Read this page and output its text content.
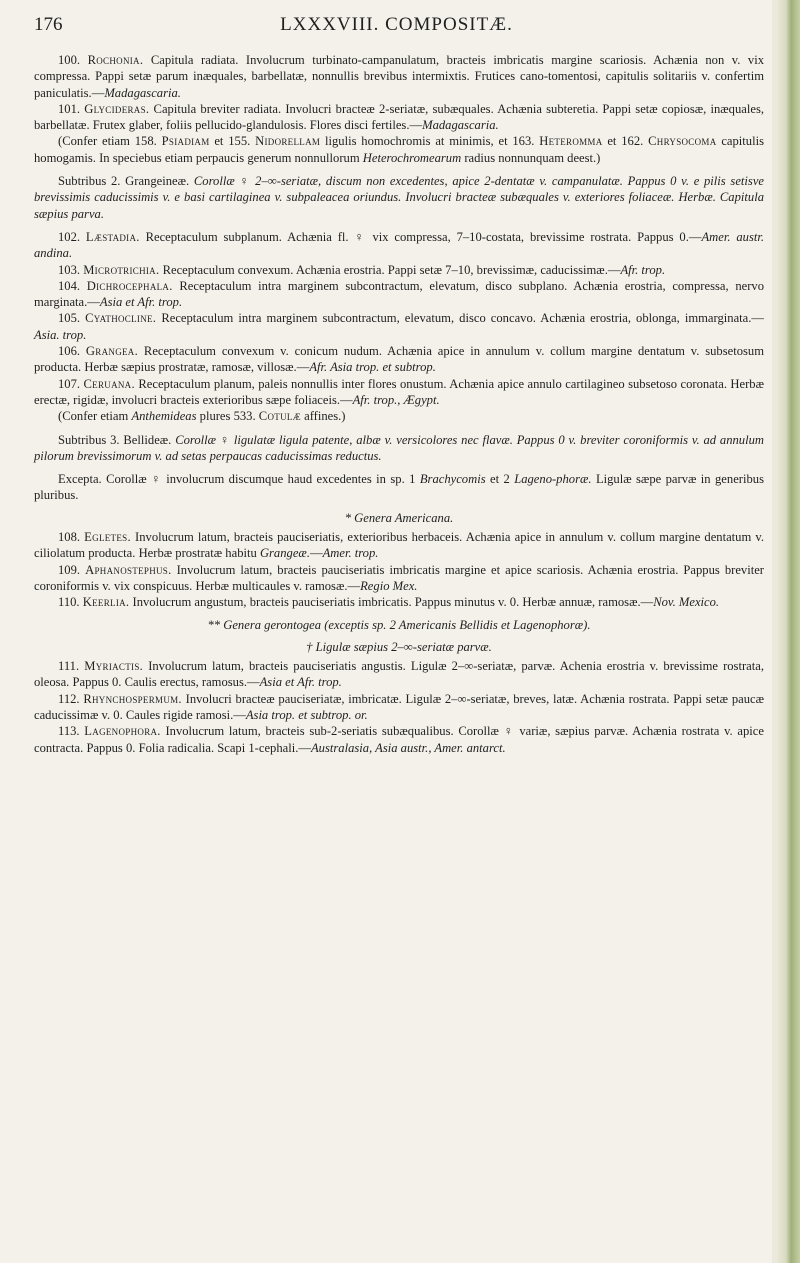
LXXXVIII. COMPOSITÆ.
176

100. Rochonia. Capitula radiata. Involucrum turbinato-campanulatum, bracteis imbricatis margine scariosis. Achænia non v. vix compressa. Pappi setæ parum inæquales, barbellatæ, nonnullis brevibus intermixtis. Frutices cano-tomentosi, capitulis solitariis v. confertim paniculatis.—Madagascaria.

101. Glycideras. Capitula breviter radiata. Involucri bracteæ 2-seriatæ, subæquales. Achænia subteretia. Pappi setæ copiosæ, inæquales, barbellatæ. Frutex glaber, foliis pellucido-glandulosis. Flores disci fertiles.—Madagascaria.

(Confer etiam 158. Psiadiam et 155. Nidorellam ligulis homochromis at minimis, et 163. Heterommа et 162. Chrysocoma capitulis homogamis. In speciebus etiam perpaucis generum nonnullorum Heterochromearum radius nonnunquam deest.)

Subtribus 2. Grangeineæ. Corollæ ♀ 2–∞-seriatæ, discum non excedentes, apice 2-dentatæ v. campanulatæ. Pappus 0 v. e pilis setisve brevissimis caducissimis v. e basi cartilaginea v. subpaleacea oriundus. Involucri bracteæ subæquales v. exteriores foliaceæ. Herbæ. Capitula sæpius parva.

102. Læstadia. Receptaculum subplanum. Achænia fl. ♀ vix compressa, 7–10-costata, brevissime rostrata. Pappus 0.—Amer. austr. andina.

103. Microtrichia. Receptaculum convexum. Achænia erostria. Pappi setæ 7–10, brevissimæ, caducissimæ.—Afr. trop.

104. Dichrocephala. Receptaculum intra marginem subcontractum, elevatum, disco subplano. Achænia erostria, compressa, nervo marginata.—Asia et Afr. trop.

105. Cyathocline. Receptaculum intra marginem subcontractum, elevatum, disco concavo. Achænia erostria, oblonga, immarginata.—Asia. trop.

106. Grangea. Receptaculum convexum v. conicum nudum. Achænia apice in annulum v. collum margine dentatum v. subsetosum producta. Herbæ sæpius prostratæ, ramosæ, villosæ.—Afr. Asia trop. et subtrop.

107. Ceruana. Receptaculum planum, paleis nonnullis inter flores onustum. Achænia apice annulo cartilagineo subsetoso coronata. Herbæ erectæ, rigidæ, involucri bracteis exterioribus sæpe foliaceis.—Afr. trop., Ægypt.

(Confer etiam Anthemideas plures 533. Cotulæ affines.)

Subtribus 3. Bellideæ. Corollæ ♀ ligulatæ ligula patente, albæ v. versicolores nec flavæ. Pappus 0 v. breviter coroniformis v. ad annulum pilorum brevissimorum v. ad setas perpaucas caducissimas reductus.

Excepta. Corollæ ♀ involucrum discumque haud excedentes in sp. 1 Brachycomis et 2 Lageno-phoræ. Ligulæ sæpe parvæ in generibus pluribus.

* Genera Americana.

108. Egletes. Involucrum latum, bracteis pauciseriatis, exterioribus herbaceis. Achænia apice in annulum v. collum margine dentatum v. ciliolatum producta. Herbæ prostratæ habitu Grangeæ.—Amer. trop.

109. Aphanostephus. Involucrum latum, bracteis pauciseriatis imbricatis margine et apice scariosis. Achænia erostria. Pappus breviter coroniformis v. vix conspicuus. Herbæ multicaules v. ramosæ.—Regio Mex.

110. Keerlia. Involucrum angustum, bracteis pauciseriatis imbricatis. Pappus minutus v. 0. Herbæ annuæ, ramosæ.—Nov. Mexico.

** Genera gerontogea (exceptis sp. 2 Americanis Bellidis et Lagenophoræ).

† Ligulæ sæpius 2–∞-seriatæ parvæ.

111. Myriactis. Involucrum latum, bracteis pauciseriatis angustis. Ligulæ 2–∞-seriatæ, parvæ. Achenia erostria v. brevissime rostrata, oleosa. Pappus 0. Caulis erectus, ramosus.—Asia et Afr. trop.

112. Rhynchospermum. Involucri bracteæ pauciseriatæ, imbricatæ. Ligulæ 2–∞-seriatæ, breves, latæ. Achænia rostrata. Pappi setæ paucæ caducissimæ v. 0. Caules rigide ramosi.—Asia trop. et subtrop. or.

113. Lagenophora. Involucrum latum, bracteis sub-2-seriatis subæqualibus. Corollæ ♀ variæ, sæpius parvæ. Achænia rostrata v. apice contracta. Pappus 0. Folia radicalia. Scapi 1-cephali.—Australasia, Asia austr., Amer. antarct.
